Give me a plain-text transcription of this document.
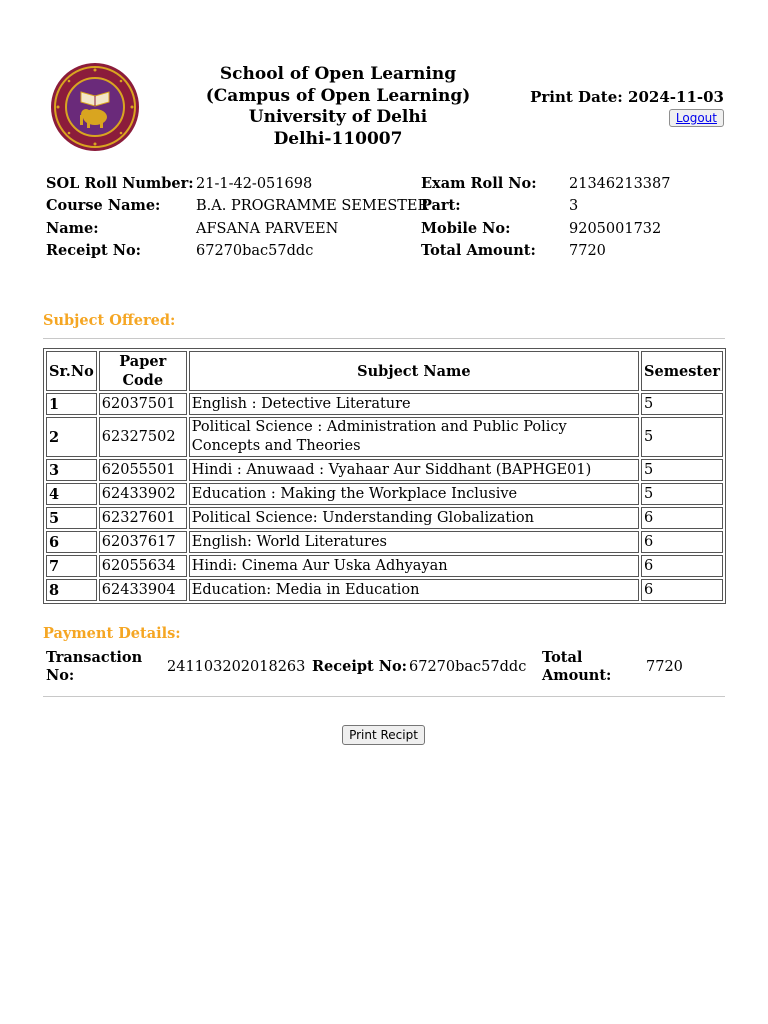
School of Open Learning
(Campus of Open Learning)
University of Delhi
Delhi-110007
Print Date: 2024-11-03
Logout
SOL Roll Number: 21-1-42-051698	Exam Roll No:	21346213387
Course Name:	B.A. PROGRAMME SEMESTER
Part:	3
Name:	AFSANA PARVEEN	Mobile No:	9205001732
Receipt No:	67270bac57ddc	Total Amount:	7720
Subject Offered:
Sr.No	Paper Code	Subject Name	Semester
1	62037501	English : Detective Literature	5
2	62327502	Political Science : Administration and Public Policy Concepts and Theories	5
3	62055501	Hindi : Anuwaad : Vyahaar Aur Siddhant (BAPHGE01)	5
4	62433902	Education : Making the Workplace Inclusive	5
5	62327601	Political Science: Understanding Globalization	6
6	62037617	English: World Literatures	6
7	62055634	Hindi: Cinema Aur Uska Adhyayan	6
8	62433904	Education: Media in Education	6
Payment Details:
Transaction No:	241103202018263 Receipt No: 67270bac57ddc
Total Amount:	7720
Print Recipt
